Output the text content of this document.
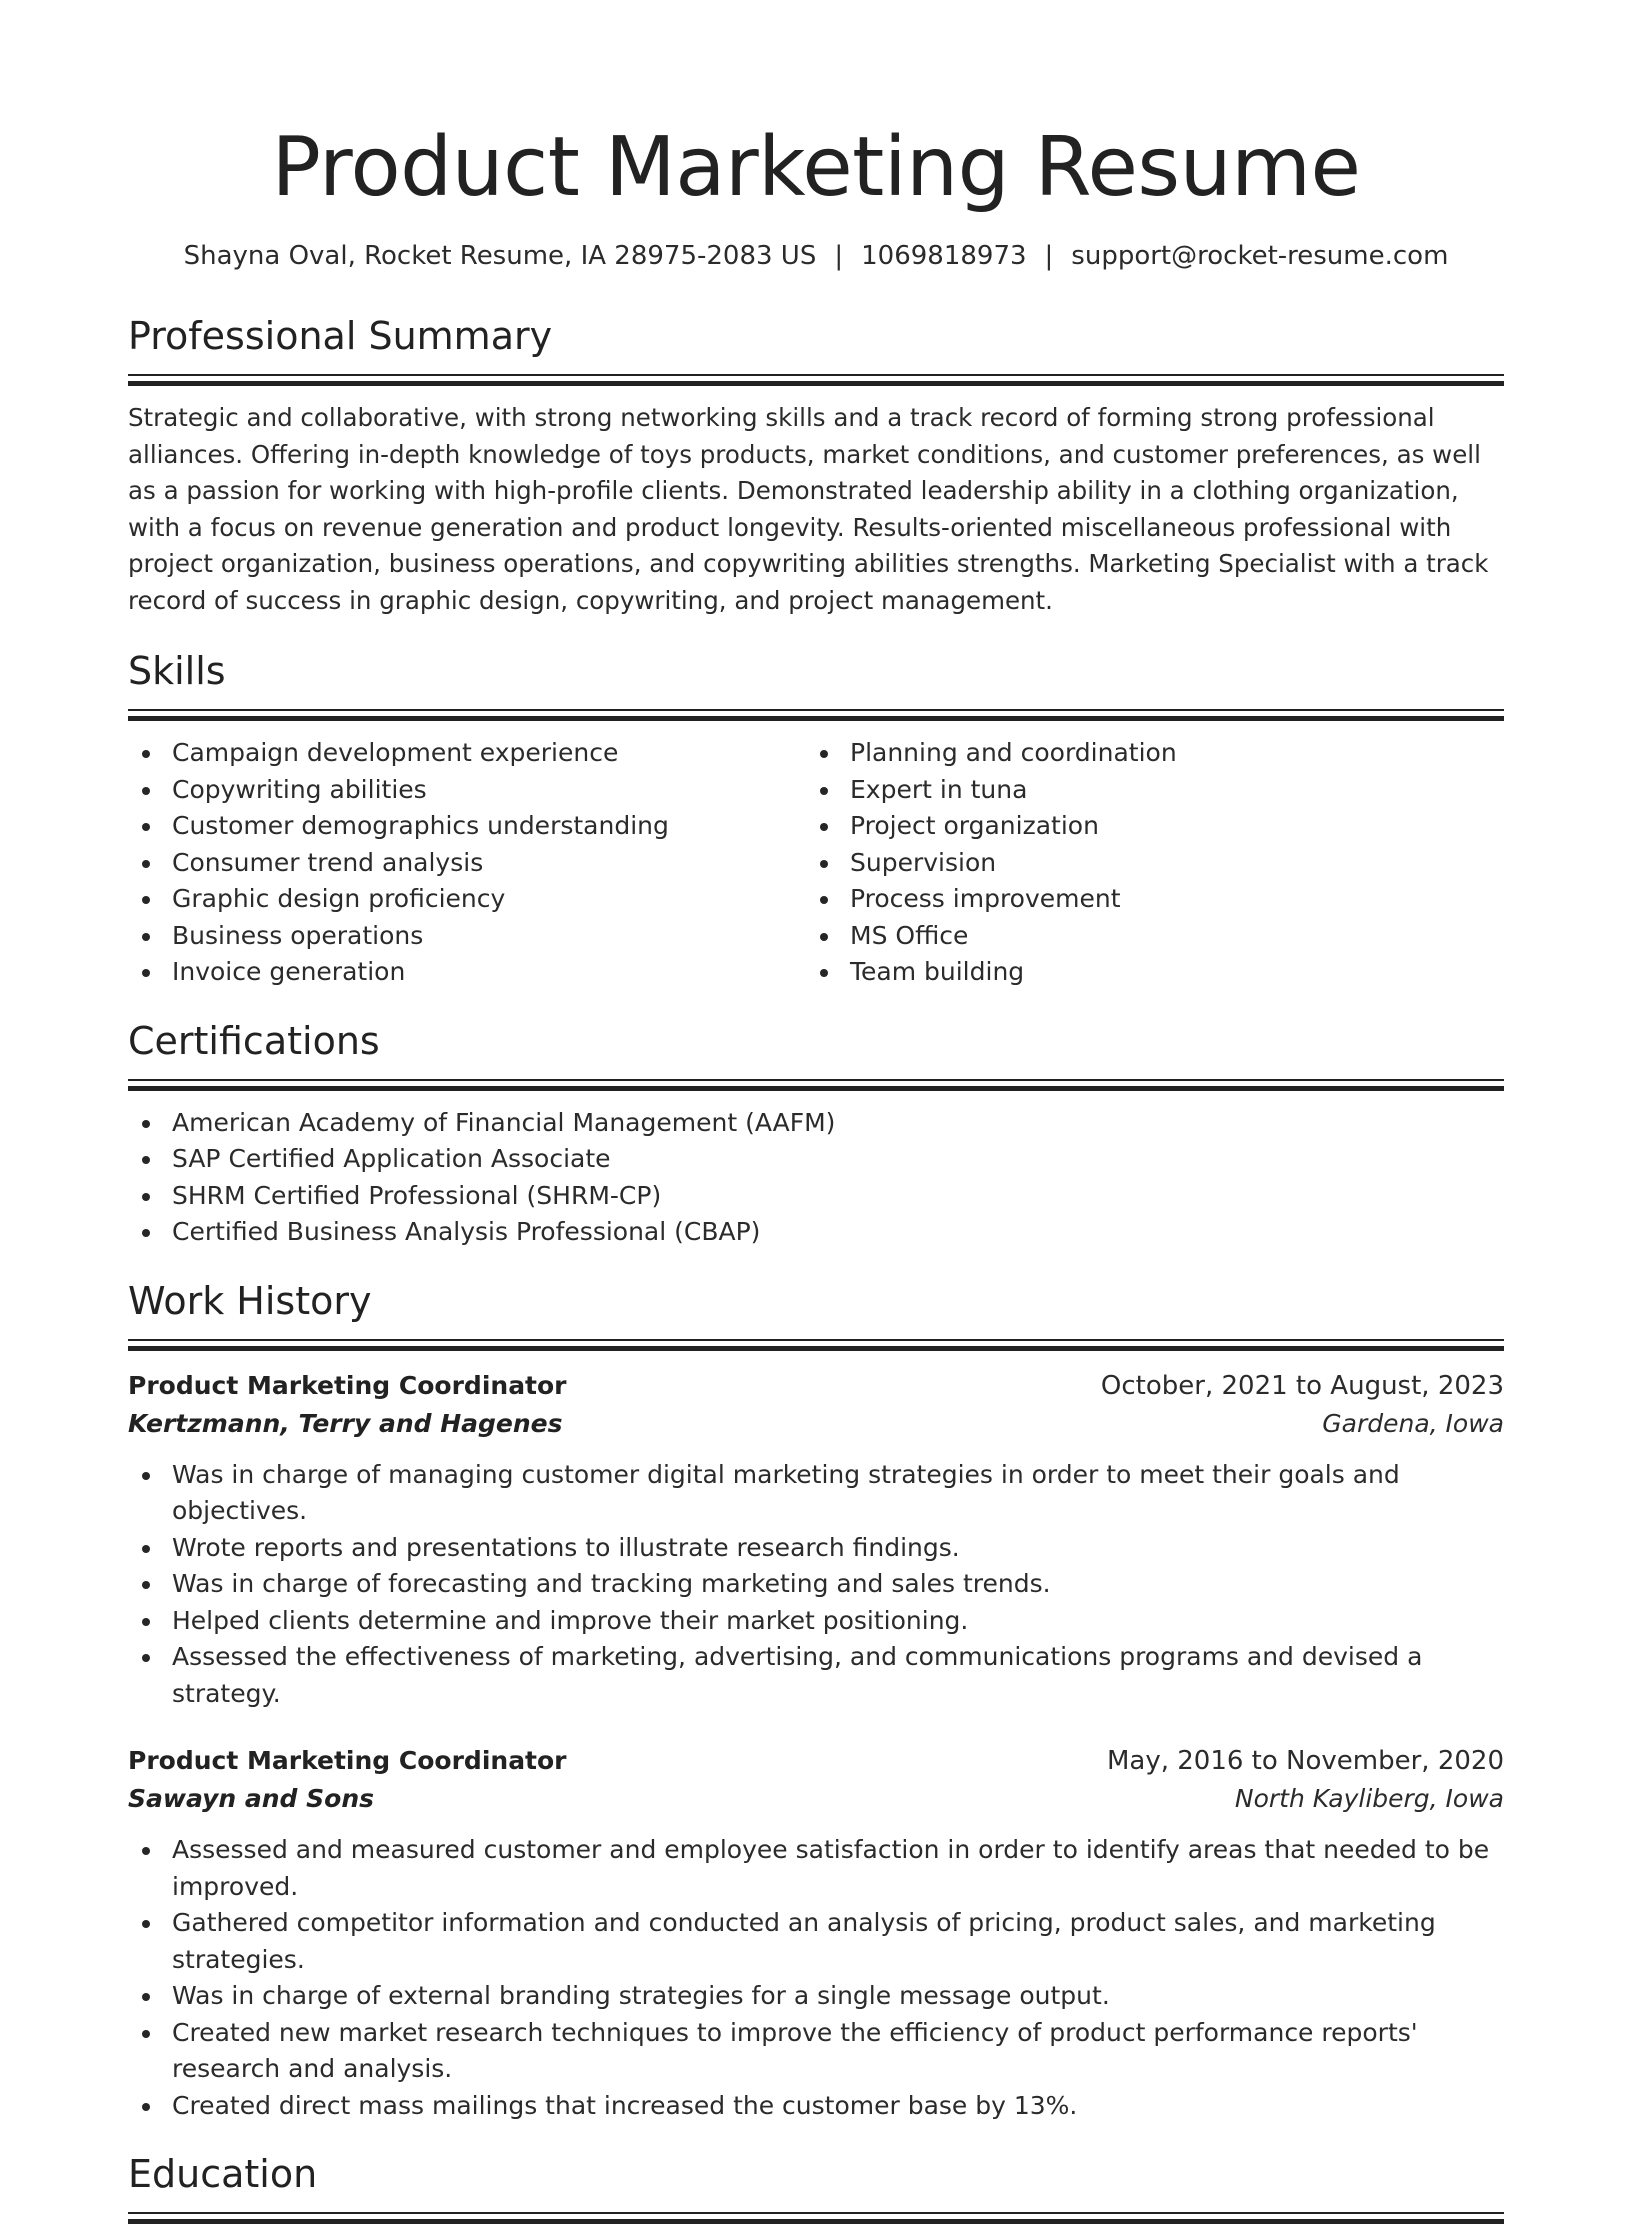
Product Marketing Resume
Shayna Oval, Rocket Resume, IA 28975-2083 US | 1069818973 | support@rocket-resume.com
Professional Summary

Strategic and collaborative, with strong networking skills and a track record of forming strong professional alliances. Offering in-depth knowledge of toys products, market conditions, and customer preferences, as well as a passion for working with high-profile clients. Demonstrated leadership ability in a clothing organization, with a focus on revenue generation and product longevity. Results-oriented miscellaneous professional with project organization, business operations, and copywriting abilities strengths. Marketing Specialist with a track record of success in graphic design, copywriting, and project management.

Skills
Campaign development experience
Copywriting abilities
Customer demographics understanding
Consumer trend analysis
Graphic design proficiency
Business operations
Invoice generation
Planning and coordination
Expert in tuna
Project organization
Supervision
Process improvement
MS Office
Team building
Certifications
American Academy of Financial Management (AAFM)
SAP Certified Application Associate
SHRM Certified Professional (SHRM-CP)
Certified Business Analysis Professional (CBAP)
Work History
Product Marketing Coordinator	October, 2021 to August, 2023
Kertzmann, Terry and Hagenes	Gardena, Iowa
Was in charge of managing customer digital marketing strategies in order to meet their goals and objectives.
Wrote reports and presentations to illustrate research findings.
Was in charge of forecasting and tracking marketing and sales trends.
Helped clients determine and improve their market positioning.
Assessed the effectiveness of marketing, advertising, and communications programs and devised a strategy.
Product Marketing Coordinator	May, 2016 to November, 2020
Sawayn and Sons	North Kayliberg, Iowa
Assessed and measured customer and employee satisfaction in order to identify areas that needed to be improved.
Gathered competitor information and conducted an analysis of pricing, product sales, and marketing strategies.
Was in charge of external branding strategies for a single message output.
Created new market research techniques to improve the efficiency of product performance reports' research and analysis.
Created direct mass mailings that increased the customer base by 13%.
Education
